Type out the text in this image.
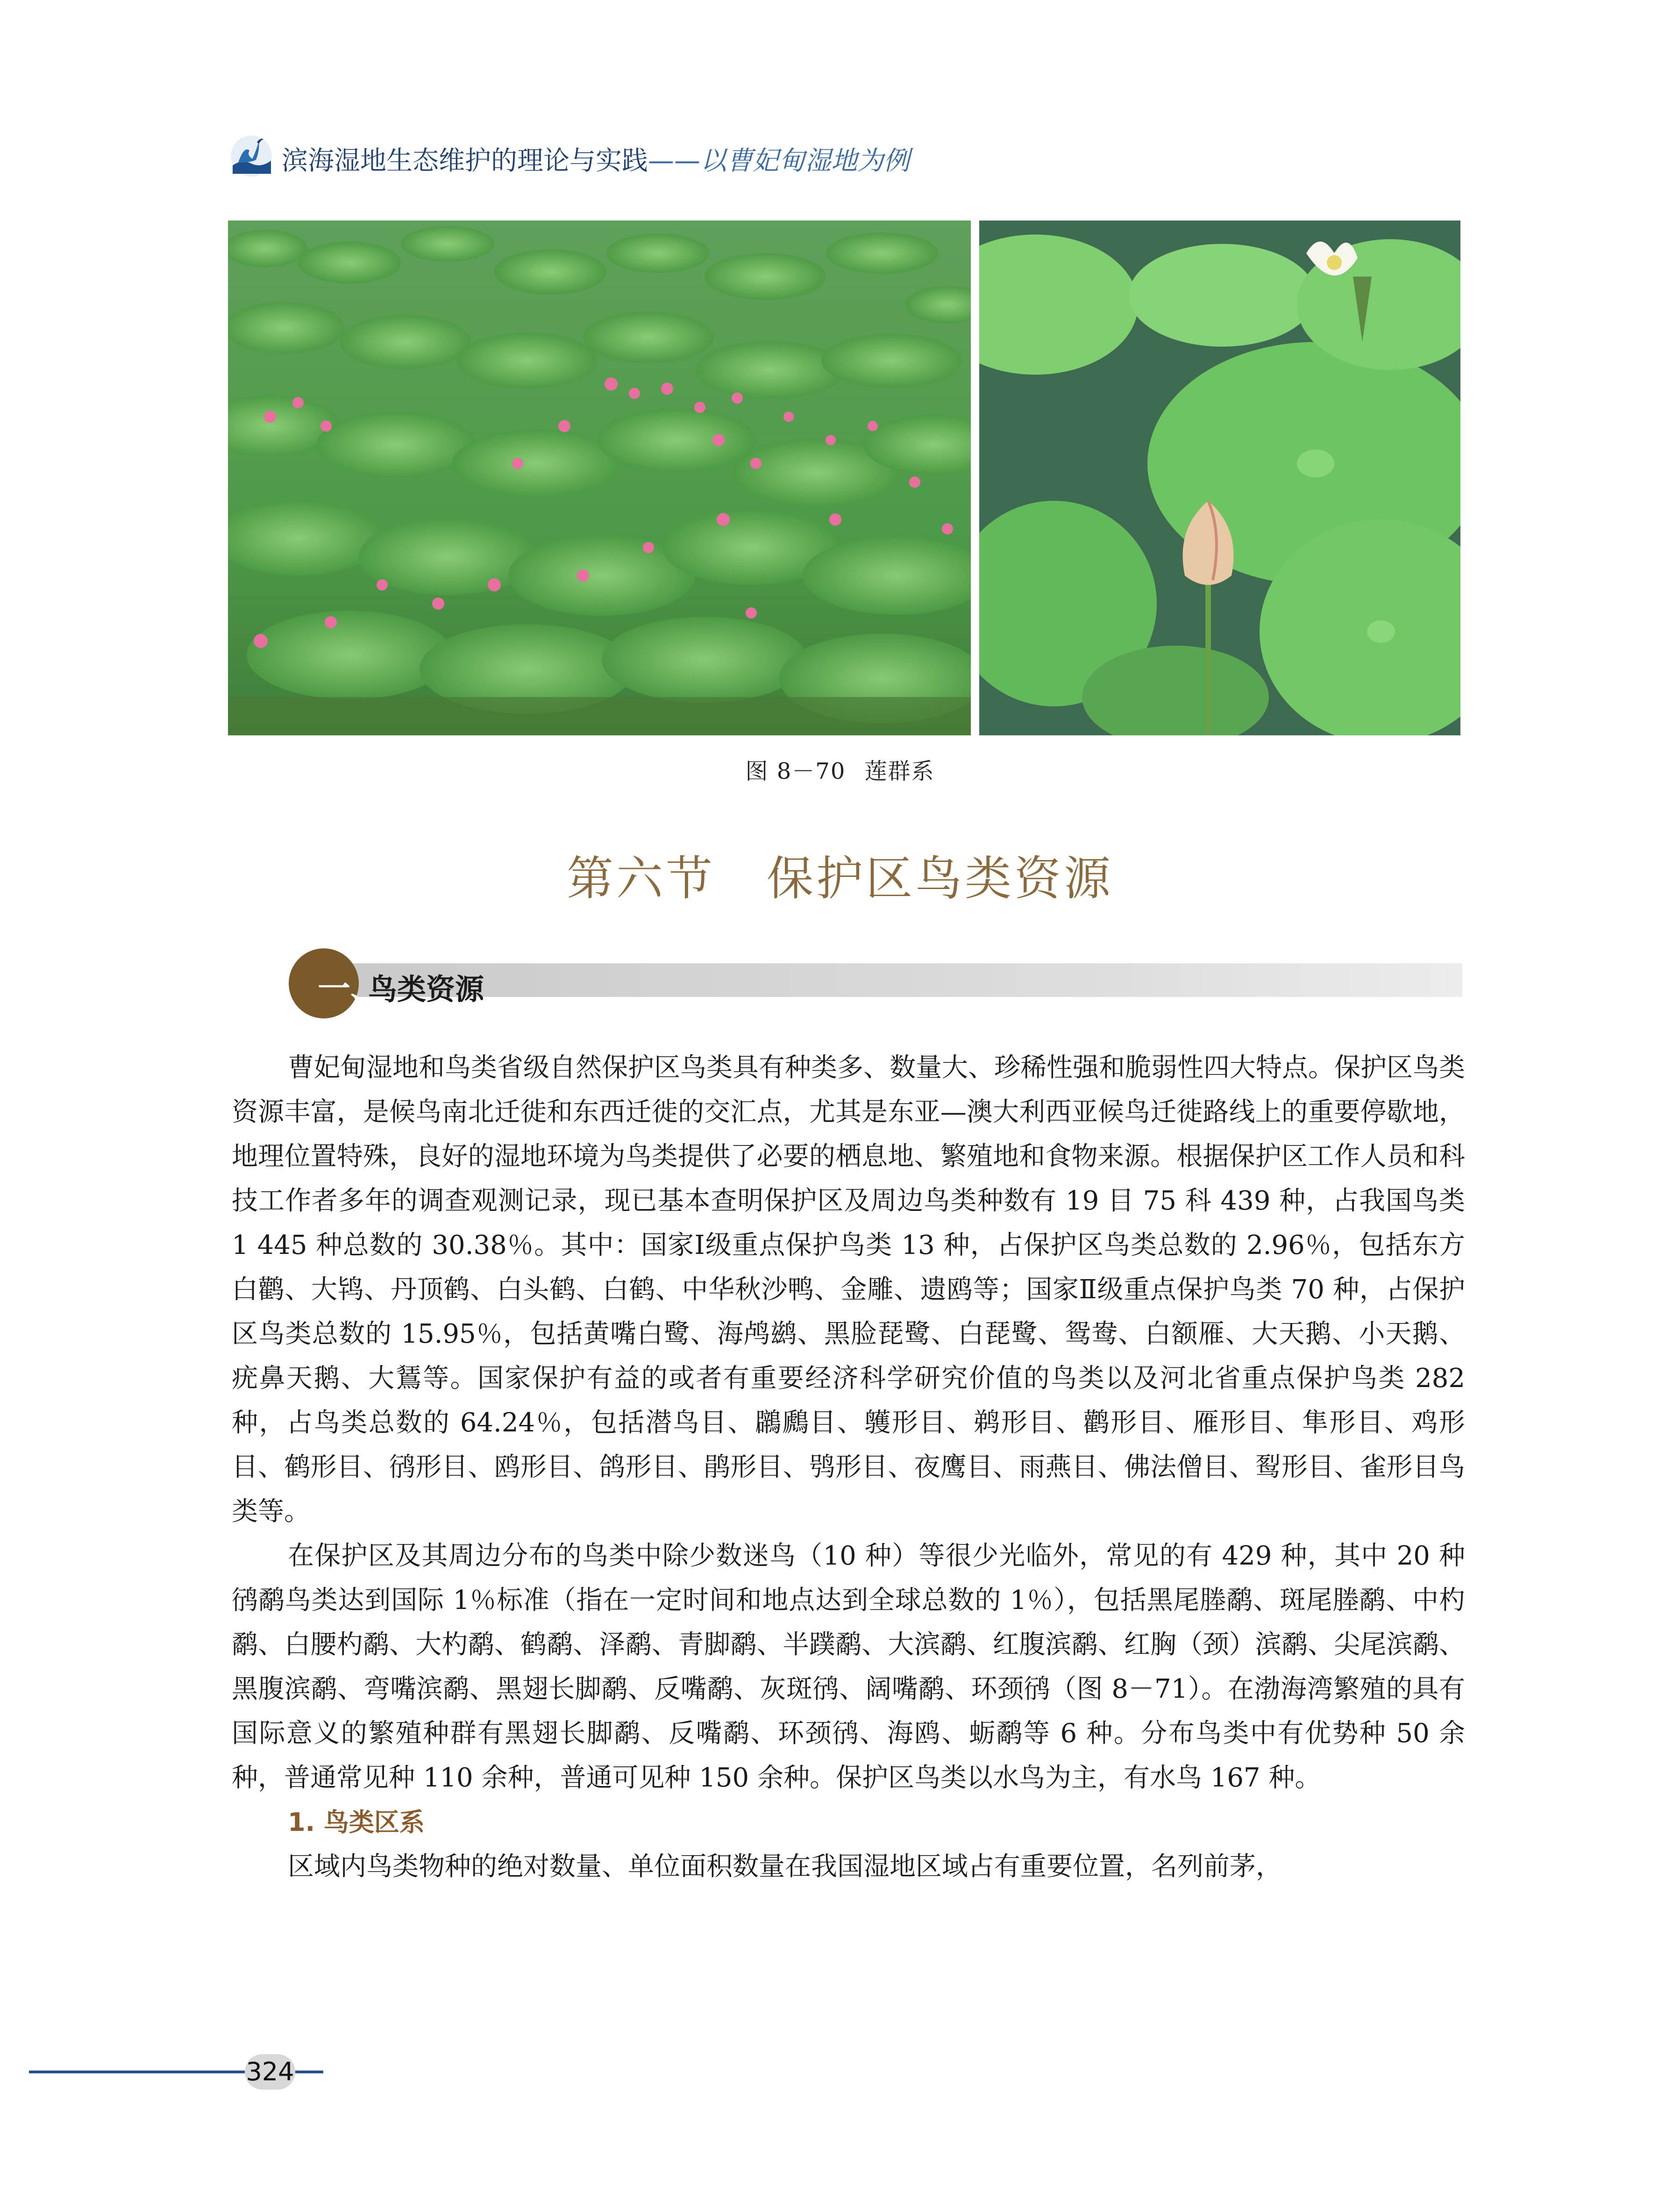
滨海湿地生态维护的理论与实践——以曹妃甸湿地为例
图 8－70 莲群系
第六节 保护区鸟类资源
一、
鸟类资源

曹妃甸湿地和鸟类省级自然保护区鸟类具有种类多、数量大、珍稀性强和脆弱性四大特点。保护区鸟类资源丰富，是候鸟南北迁徙和东西迁徙的交汇点，尤其是东亚—澳大利西亚候鸟迁徙路线上的重要停歇地，地理位置特殊，良好的湿地环境为鸟类提供了必要的栖息地、繁殖地和食物来源。根据保护区工作人员和科技工作者多年的调查观测记录，现已基本查明保护区及周边鸟类种数有 19 目 75 科 439 种，占我国鸟类 1 445 种总数的 30.38％。其中：国家Ⅰ级重点保护鸟类 13 种，占保护区鸟类总数的 2.96％，包括东方白鹳、大鸨、丹顶鹤、白头鹤、白鹤、中华秋沙鸭、金雕、遗鸥等；国家Ⅱ级重点保护鸟类 70 种，占保护区鸟类总数的 15.95％，包括黄嘴白鹭、海鸬鹚、黑脸琵鹭、白琵鹭、鸳鸯、白额雁、大天鹅、小天鹅、疣鼻天鹅、大鵟等。国家保护有益的或者有重要经济科学研究价值的鸟类以及河北省重点保护鸟类 282 种，占鸟类总数的 64.24％，包括潜鸟目、鸊鷉目、鹱形目、鹈形目、鹳形目、雁形目、隼形目、鸡形目、鹤形目、鸻形目、鸥形目、鸽形目、鹃形目、鸮形目、夜鹰目、雨燕目、佛法僧目、䴕形目、雀形目鸟类等。

在保护区及其周边分布的鸟类中除少数迷鸟（10 种）等很少光临外，常见的有 429 种，其中 20 种鸻鹬鸟类达到国际 1％标准（指在一定时间和地点达到全球总数的 1％），包括黑尾塍鹬、斑尾塍鹬、中杓鹬、白腰杓鹬、大杓鹬、鹤鹬、泽鹬、青脚鹬、半蹼鹬、大滨鹬、红腹滨鹬、红胸（颈）滨鹬、尖尾滨鹬、黑腹滨鹬、弯嘴滨鹬、黑翅长脚鹬、反嘴鹬、灰斑鸻、阔嘴鹬、环颈鸻（图 8－71）。在渤海湾繁殖的具有国际意义的繁殖种群有黑翅长脚鹬、反嘴鹬、环颈鸻、海鸥、蛎鹬等 6 种。分布鸟类中有优势种 50 余种，普通常见种 110 余种，普通可见种 150 余种。保护区鸟类以水鸟为主，有水鸟 167 种。

1. 鸟类区系

区域内鸟类物种的绝对数量、单位面积数量在我国湿地区域占有重要位置，名列前茅，

324
